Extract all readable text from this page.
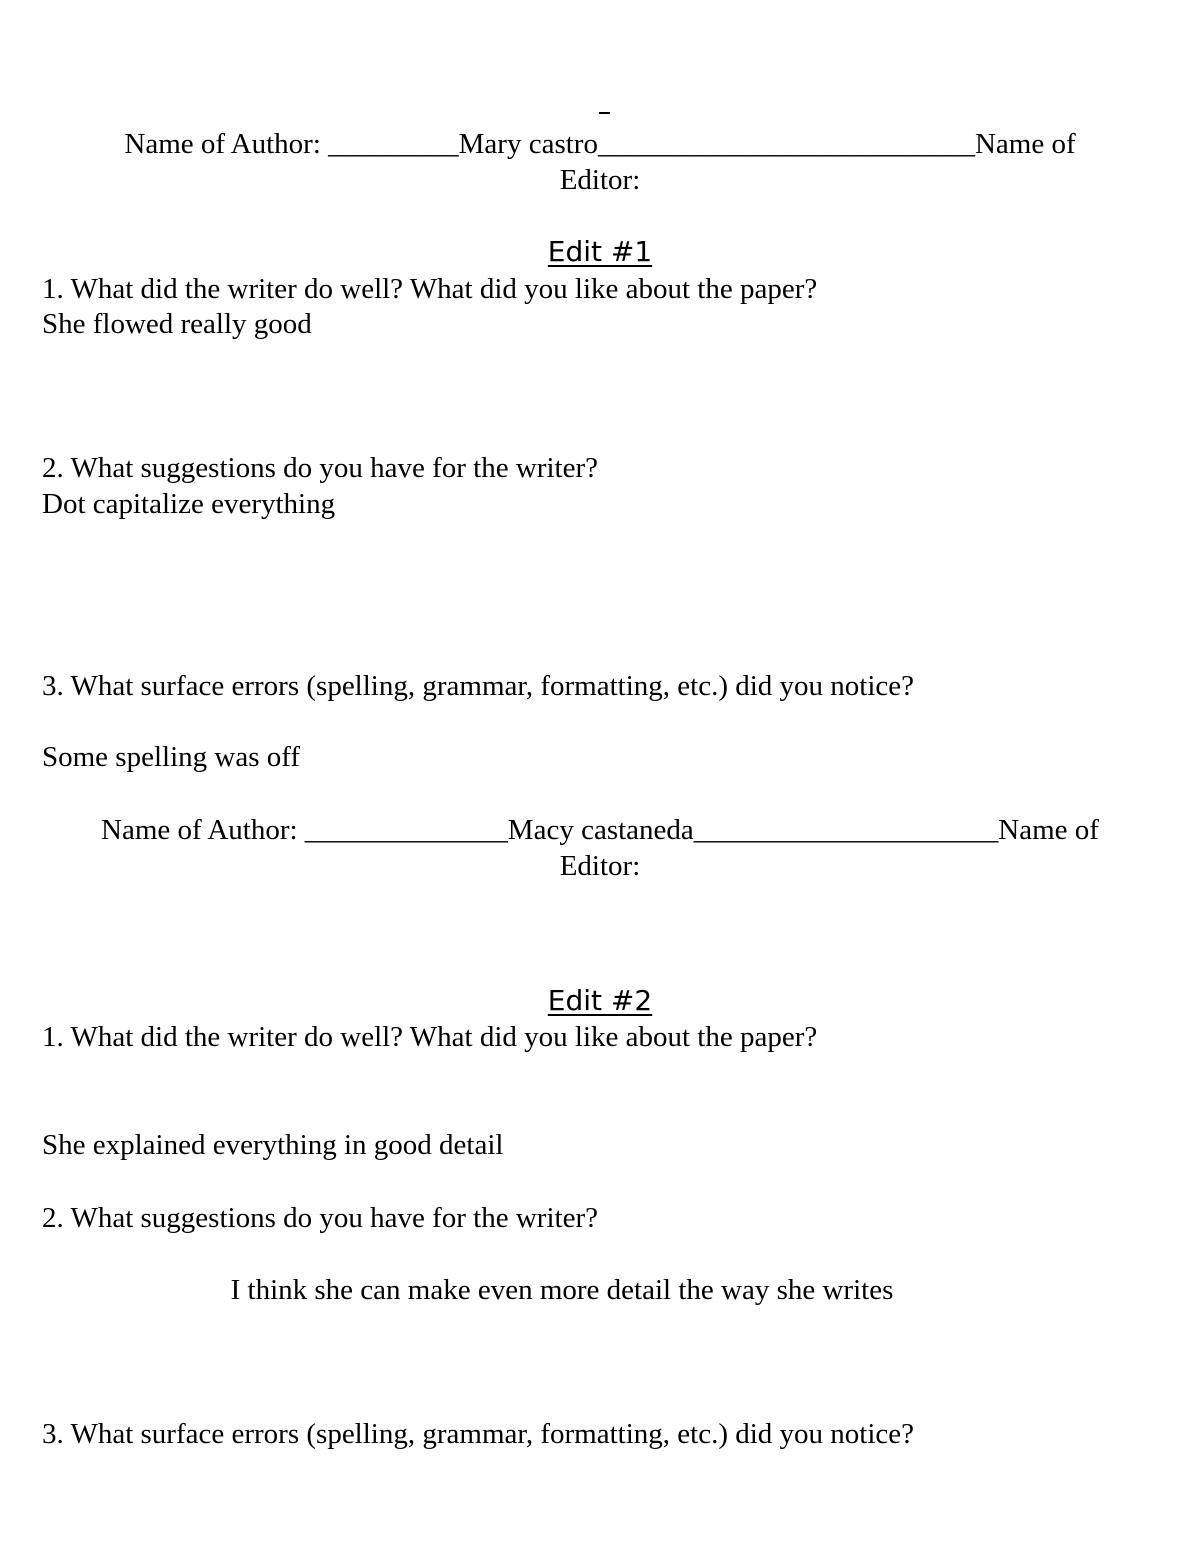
Name of Author: _________Mary castro__________________________Name of

Editor:

Edit #1

1. What did the writer do well? What did you like about the paper?

She flowed really good

2. What suggestions do you have for the writer?

Dot capitalize everything

3. What surface errors (spelling, grammar, formatting, etc.) did you notice?

Some spelling was off

Name of Author: ______________Macy castaneda_____________________Name of

Editor:

Edit #2

1. What did the writer do well? What did you like about the paper?

She explained everything in good detail

2. What suggestions do you have for the writer?

I think she can make even more detail the way she writes

3. What surface errors (spelling, grammar, formatting, etc.) did you notice?
